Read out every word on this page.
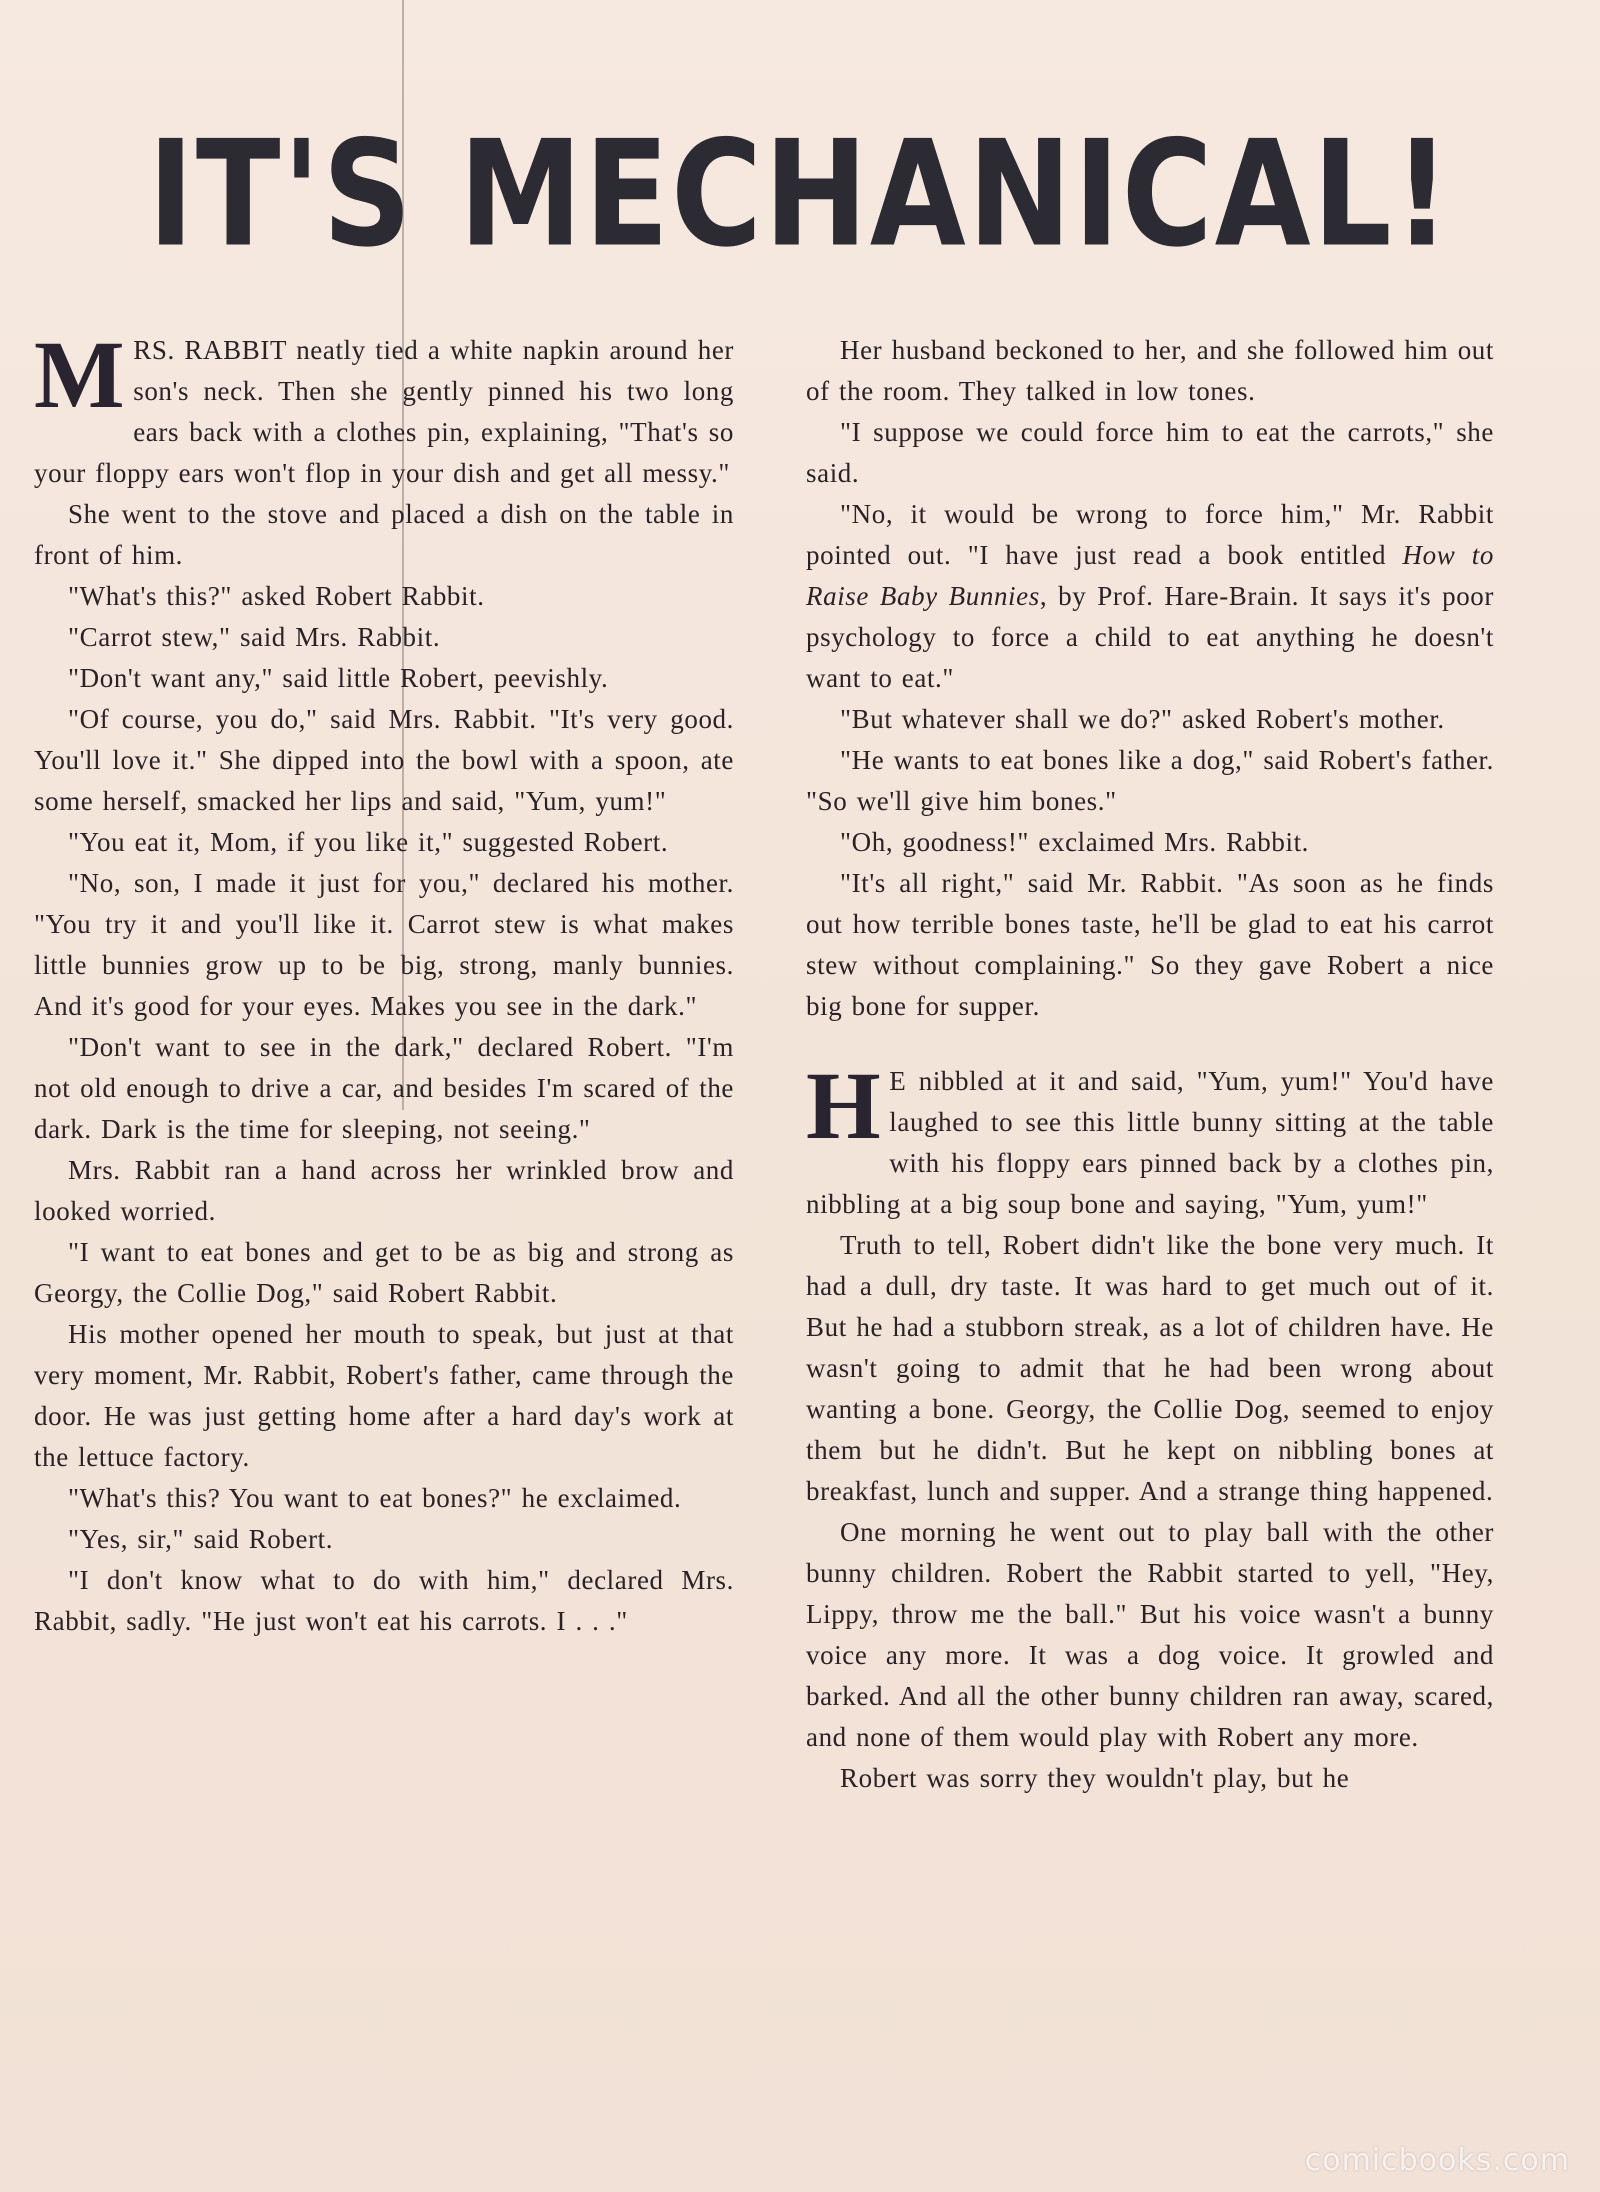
IT'S MECHANICAL!

MRS. RABBIT neatly tied a white napkin around her son's neck. Then she gently pinned his two long ears back with a clothes pin, explaining, "That's so your floppy ears won't flop in your dish and get all messy."

She went to the stove and placed a dish on the table in front of him.

"What's this?" asked Robert Rabbit.

"Carrot stew," said Mrs. Rabbit.

"Don't want any," said little Robert, peevishly.

"Of course, you do," said Mrs. Rabbit. "It's very good. You'll love it." She dipped into the bowl with a spoon, ate some herself, smacked her lips and said, "Yum, yum!"

"You eat it, Mom, if you like it," suggested Robert.

"No, son, I made it just for you," declared his mother. "You try it and you'll like it. Carrot stew is what makes little bunnies grow up to be big, strong, manly bunnies. And it's good for your eyes. Makes you see in the dark."

"Don't want to see in the dark," declared Robert. "I'm not old enough to drive a car, and besides I'm scared of the dark. Dark is the time for sleeping, not seeing."

Mrs. Rabbit ran a hand across her wrinkled brow and looked worried.

"I want to eat bones and get to be as big and strong as Georgy, the Collie Dog," said Robert Rabbit.

His mother opened her mouth to speak, but just at that very moment, Mr. Rabbit, Robert's father, came through the door. He was just getting home after a hard day's work at the lettuce factory.

"What's this? You want to eat bones?" he exclaimed.

"Yes, sir," said Robert.

"I don't know what to do with him," declared Mrs. Rabbit, sadly. "He just won't eat his carrots. I . . ."

Her husband beckoned to her, and she followed him out of the room. They talked in low tones.

"I suppose we could force him to eat the carrots," she said.

"No, it would be wrong to force him," Mr. Rabbit pointed out. "I have just read a book entitled How to Raise Baby Bunnies, by Prof. Hare-Brain. It says it's poor psychology to force a child to eat anything he doesn't want to eat."

"But whatever shall we do?" asked Robert's mother.

"He wants to eat bones like a dog," said Robert's father. "So we'll give him bones."

"Oh, goodness!" exclaimed Mrs. Rabbit.

"It's all right," said Mr. Rabbit. "As soon as he finds out how terrible bones taste, he'll be glad to eat his carrot stew without complaining." So they gave Robert a nice big bone for supper.

H E nibbled at it and said, "Yum, yum!" You'd have laughed to see this little bunny sitting at the table with his floppy ears pinned back by a clothes pin, nibbling at a big soup bone and saying, "Yum, yum!"

Truth to tell, Robert didn't like the bone very much. It had a dull, dry taste. It was hard to get much out of it. But he had a stubborn streak, as a lot of children have. He wasn't going to admit that he had been wrong about wanting a bone. Georgy, the Collie Dog, seemed to enjoy them but he didn't. But he kept on nibbling bones at breakfast, lunch and supper. And a strange thing happened.

One morning he went out to play ball with the other bunny children. Robert the Rabbit started to yell, "Hey, Lippy, throw me the ball." But his voice wasn't a bunny voice any more. It was a dog voice. It growled and barked. And all the other bunny children ran away, scared, and none of them would play with Robert any more.

Robert was sorry they wouldn't play, but he

comicbooks.com
